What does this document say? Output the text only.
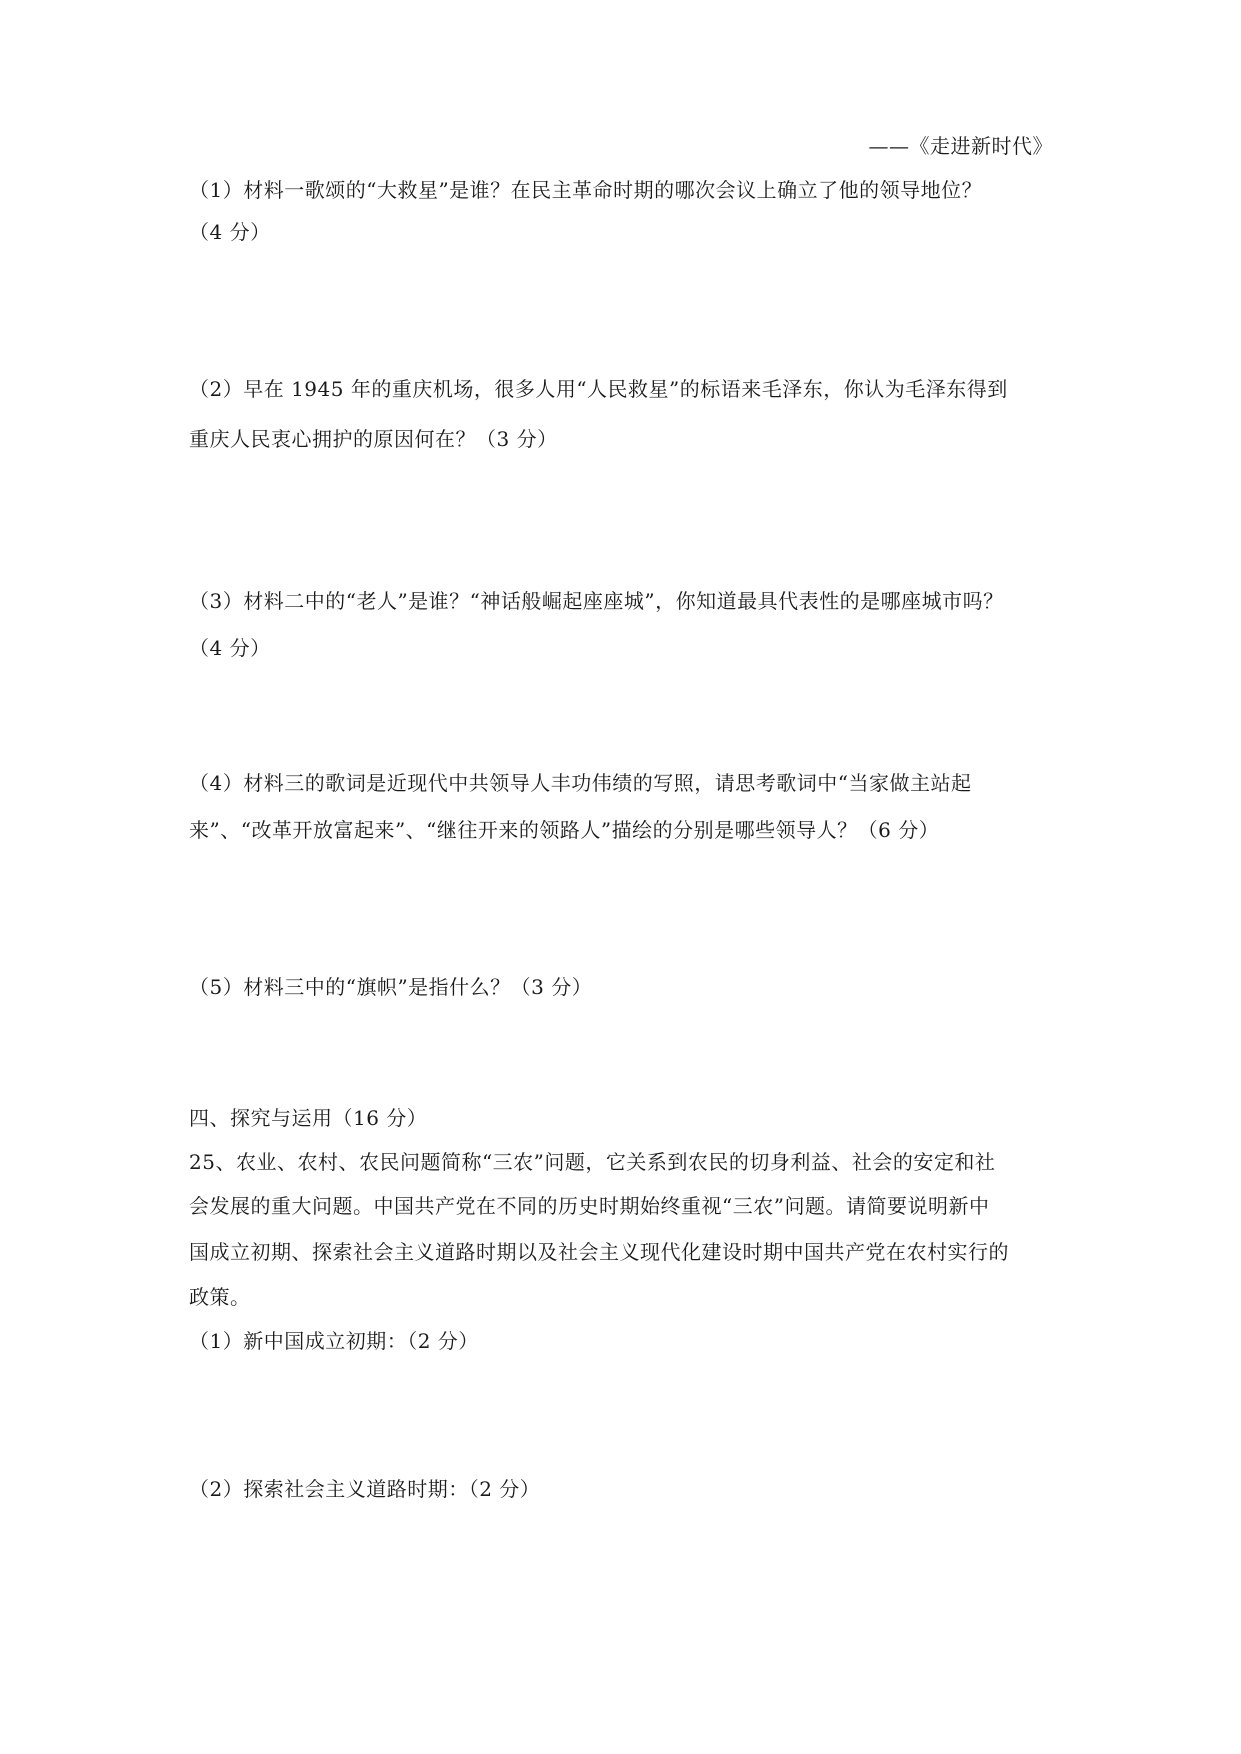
——《走进新时代》
（1）材料一歌颂的“大救星”是谁？在民主革命时期的哪次会议上确立了他的领导地位？
（4 分）
（2）早在 1945 年的重庆机场，很多人用“人民救星”的标语来毛泽东，你认为毛泽东得到
重庆人民衷心拥护的原因何在？（3 分）
（3）材料二中的“老人”是谁？“神话般崛起座座城”，你知道最具代表性的是哪座城市吗？
（4 分）
（4）材料三的歌词是近现代中共领导人丰功伟绩的写照，请思考歌词中“当家做主站起
来”、“改革开放富起来”、“继往开来的领路人”描绘的分别是哪些领导人？（6 分）
（5）材料三中的“旗帜”是指什么？（3 分）
四、探究与运用（16 分）
25、农业、农村、农民问题简称“三农”问题，它关系到农民的切身利益、社会的安定和社
会发展的重大问题。中国共产党在不同的历史时期始终重视“三农”问题。请简要说明新中
国成立初期、探索社会主义道路时期以及社会主义现代化建设时期中国共产党在农村实行的
政策。
（1）新中国成立初期：（2 分）
（2）探索社会主义道路时期：（2 分）
